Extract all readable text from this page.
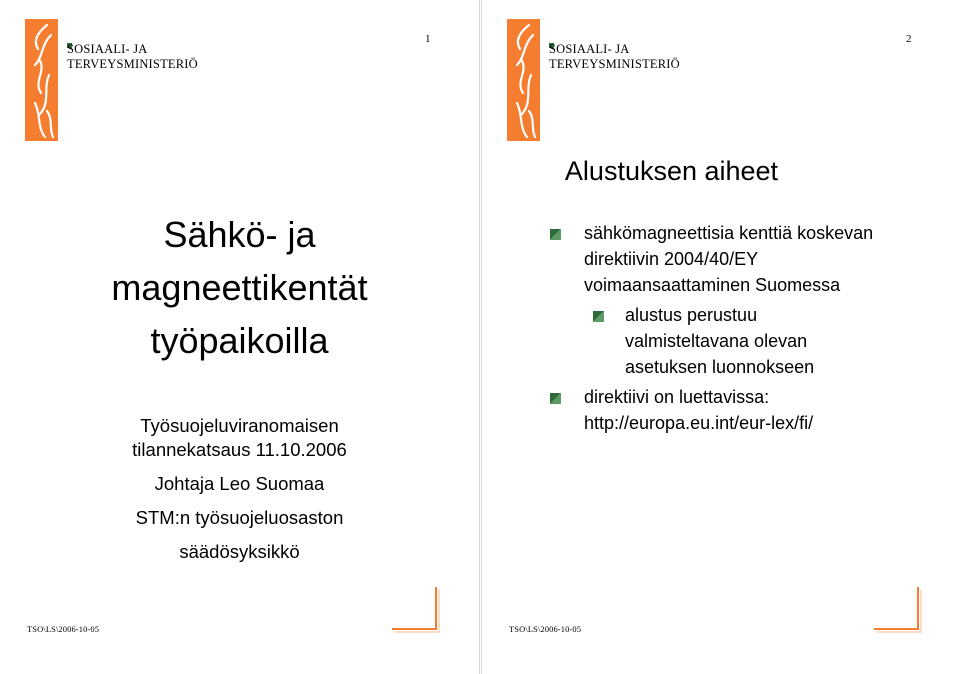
SOSIAALI- JA
TERVEYSMINISTERIÖ
1
Sähkö- ja
magneettikentät
työpaikoilla
Työsuojeluviranomaisen
tilannekatsaus 11.10.2006
Johtaja Leo Suomaa
STM:n työsuojeluosaston
säädösyksikkö
TSO\LS\2006-10-05
SOSIAALI- JA
TERVEYSMINISTERIÖ
2
Alustuksen aiheet
sähkömagneettisia kenttiä koskevan
direktiivin 2004/40/EY
voimaansaattaminen Suomessa
alustus perustuu
valmisteltavana olevan
asetuksen luonnokseen
direktiivi on luettavissa:
http://europa.eu.int/eur-lex/fi/
TSO\LS\2006-10-05
